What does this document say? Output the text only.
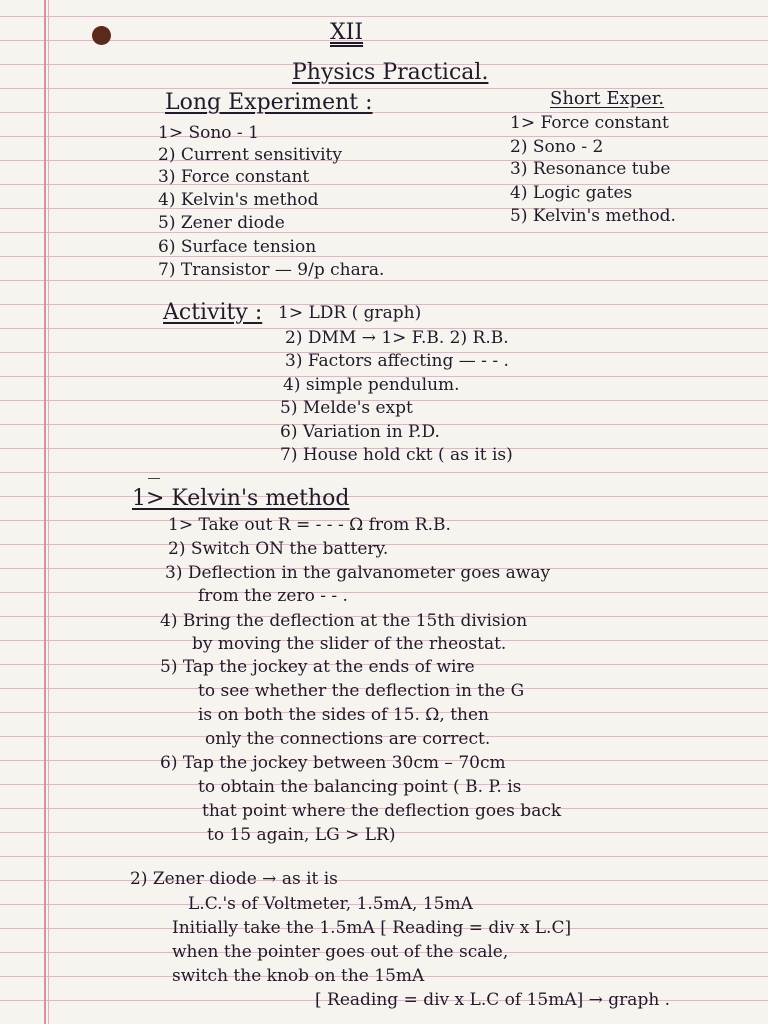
XII
Physics Practical.
Long Experiment :
1> Sono - 1
2) Current sensitivity
3) Force constant
4) Kelvin's method
5) Zener diode
6) Surface tension
7) Transistor — 9/p chara.
Short Exper.
1> Force constant
2) Sono - 2
3) Resonance tube
4) Logic gates
5) Kelvin's method.
Activity : 1> LDR ( graph)
2) DMM → 1> F.B. 2) R.B.
3) Factors affecting — - - .
4) simple pendulum.
5) Melde's expt
6) Variation in P.D.
7) House hold ckt ( as it is)
1> Kelvin's method
1> Take out R = - - - Ω from R.B.
2) Switch ON the battery.
3) Deflection in the galvanometer goes away
from the zero - - .
4) Bring the deflection at the 15th division
by moving the slider of the rheostat.
5) Tap the jockey at the ends of wire
to see whether the deflection in the G
is on both the sides of 15. Ω, then
only the connections are correct.
6) Tap the jockey between 30cm – 70cm
to obtain the balancing point ( B. P. is
that point where the deflection goes back
to 15 again, LG > LR)
2) Zener diode → as it is
L.C.'s of Voltmeter, 1.5mA, 15mA
Initially take the 1.5mA [ Reading = div x L.C]
when the pointer goes out of the scale,
switch the knob on the 15mA
[ Reading = div x L.C of 15mA] → graph .
